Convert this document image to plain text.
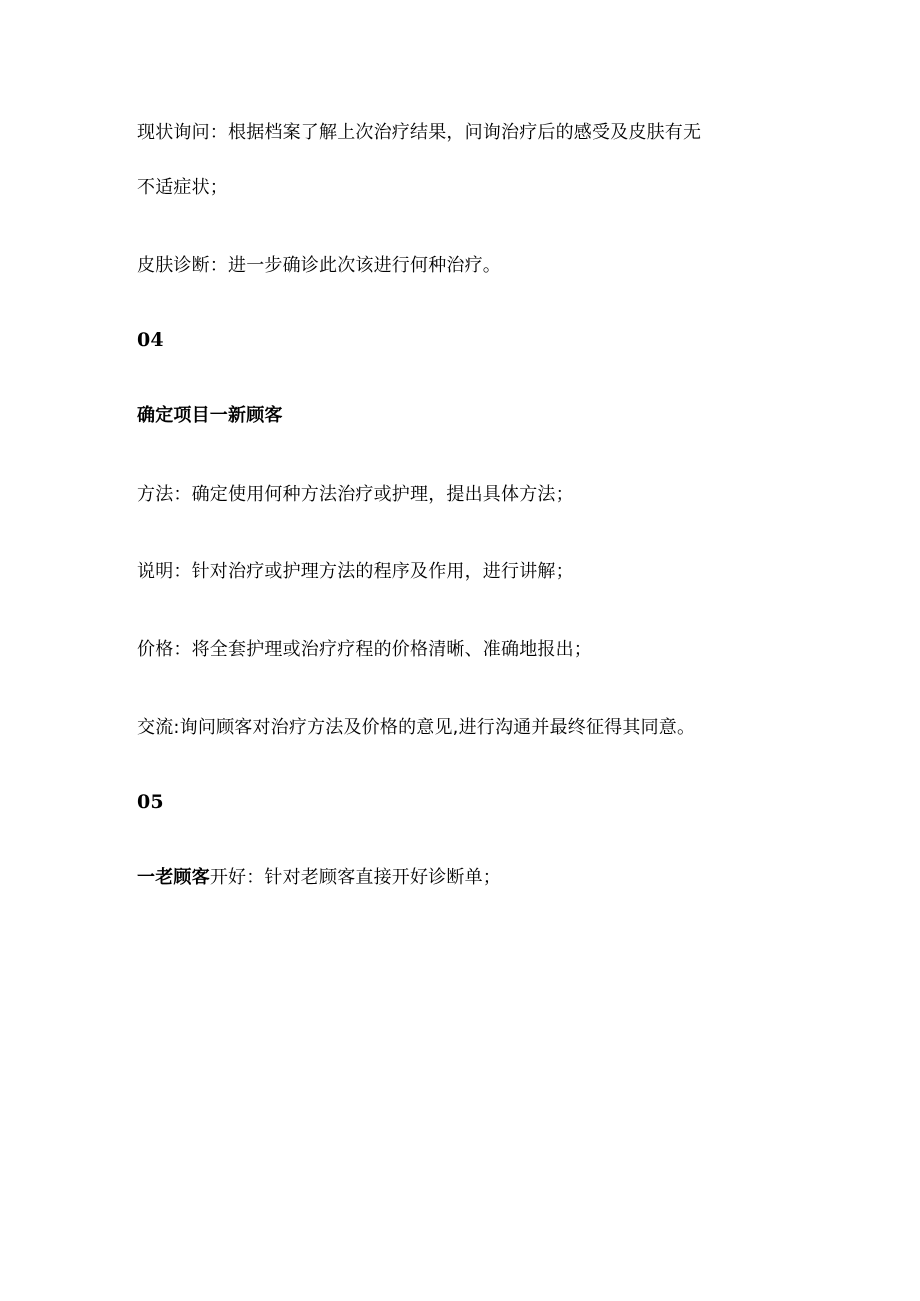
现状询问：根据档案了解上次治疗结果，问询治疗后的感受及皮肤有无
不适症状；
皮肤诊断：进一步确诊此次该进行何种治疗。
04
确定项目一新顾客
方法：确定使用何种方法治疗或护理，提出具体方法；
说明：针对治疗或护理方法的程序及作用，进行讲解；
价格：将全套护理或治疗疗程的价格清晰、准确地报出；
交流:询问顾客对治疗方法及价格的意见,进行沟通并最终征得其同意。
05
一老顾客开好：针对老顾客直接开好诊断单；
